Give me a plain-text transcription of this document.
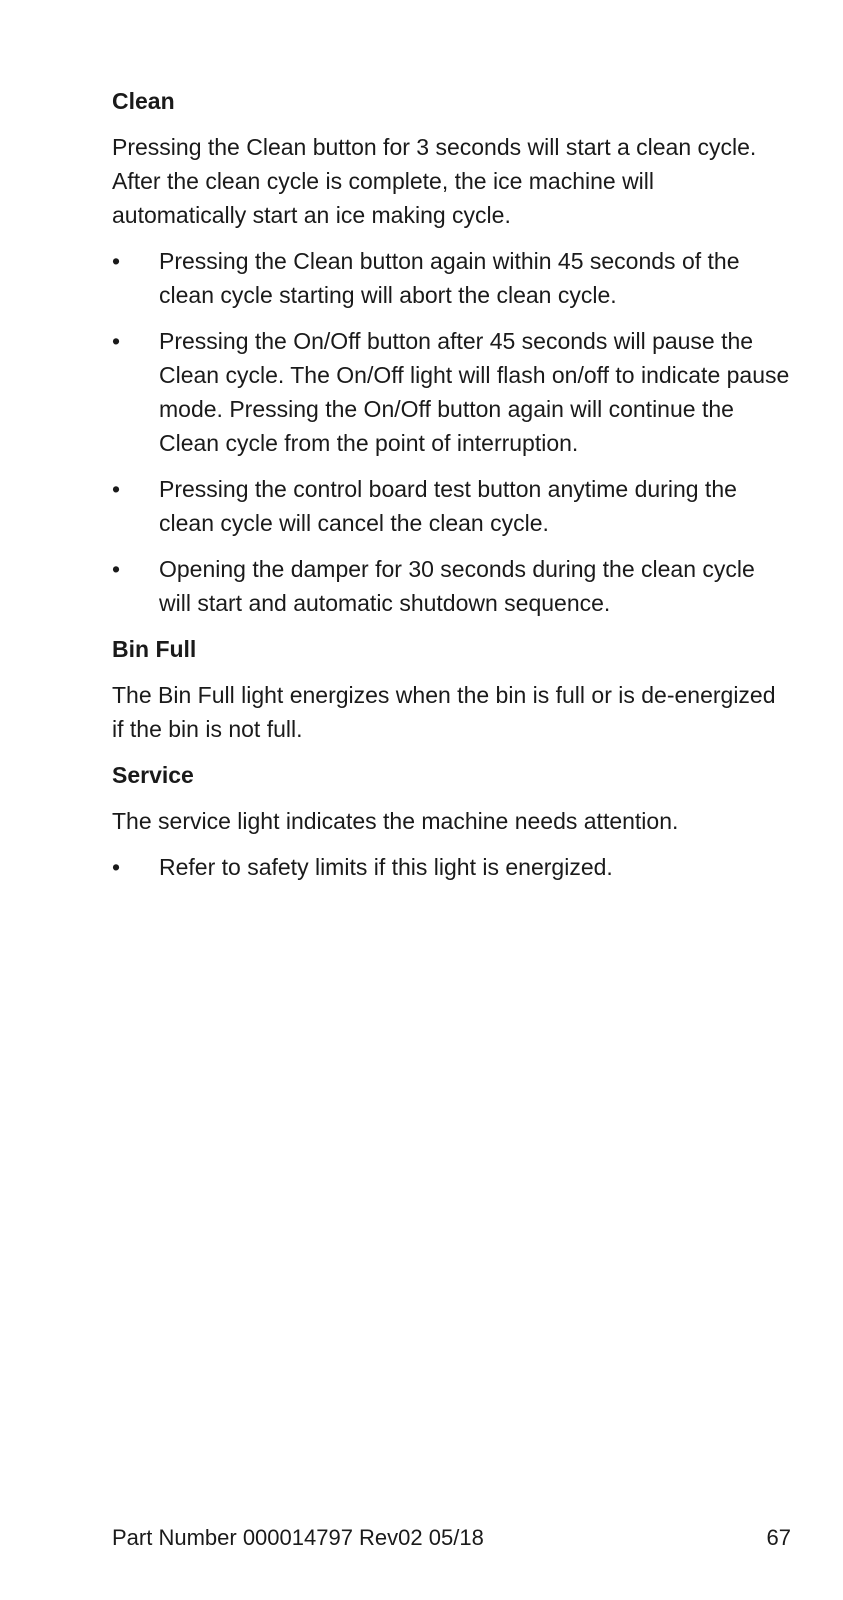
Clean

Pressing the Clean button for 3 seconds will start a clean cycle. After the clean cycle is complete, the ice machine will automatically start an ice making cycle.

• Pressing the Clean button again within 45 seconds of the clean cycle starting will abort the clean cycle.
• Pressing the On/Off button after 45 seconds will pause the Clean cycle. The On/Off light will flash on/off to indicate pause mode. Pressing the On/Off button again will continue the Clean cycle from the point of interruption.
• Pressing the control board test button anytime during the clean cycle will cancel the clean cycle.
• Opening the damper for 30 seconds during the clean cycle will start and automatic shutdown sequence.
Bin Full

The Bin Full light energizes when the bin is full or is de-energized if the bin is not full.

Service

The service light indicates the machine needs attention.

• Refer to safety limits if this light is energized.
Part Number 000014797 Rev02 05/18	67
